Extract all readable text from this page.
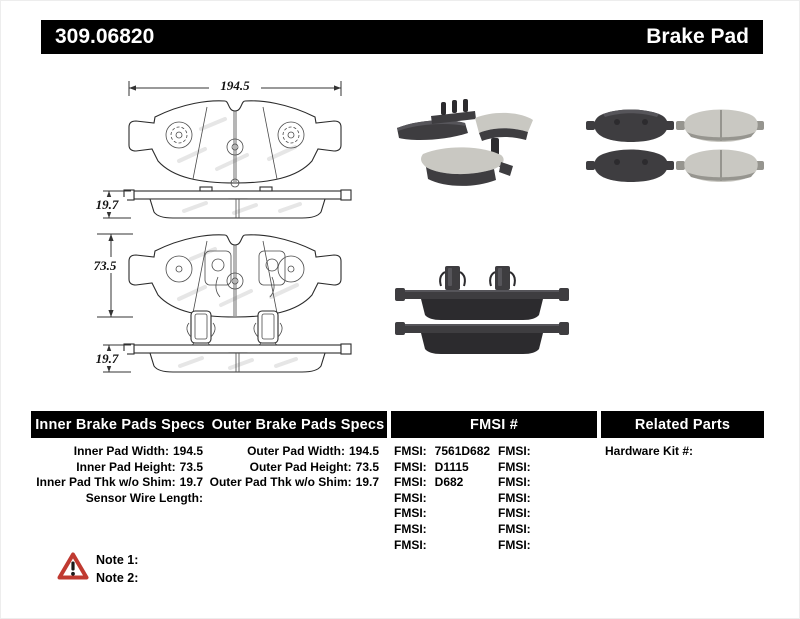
309.06820	Brake Pad
194.5
19.7
73.5
19.7
Inner Brake Pads Specs Outer Brake Pads Specs	FMSI #	Related Parts
Inner Pad Width: 194.5
Inner Pad Height: 73.5
Inner Pad Thk w/o Shim: 19.7
Sensor Wire Length:
Outer Pad Width: 194.5
Outer Pad Height: 73.5
Outer Pad Thk w/o Shim: 19.7
FMSI: 7561D682
FMSI: D1115
FMSI: D682
FMSI:
FMSI:
FMSI:
FMSI:
FMSI:
FMSI:
FMSI:
FMSI:
FMSI:
FMSI:
FMSI:
Hardware Kit #:
Note 1:
Note 2:
